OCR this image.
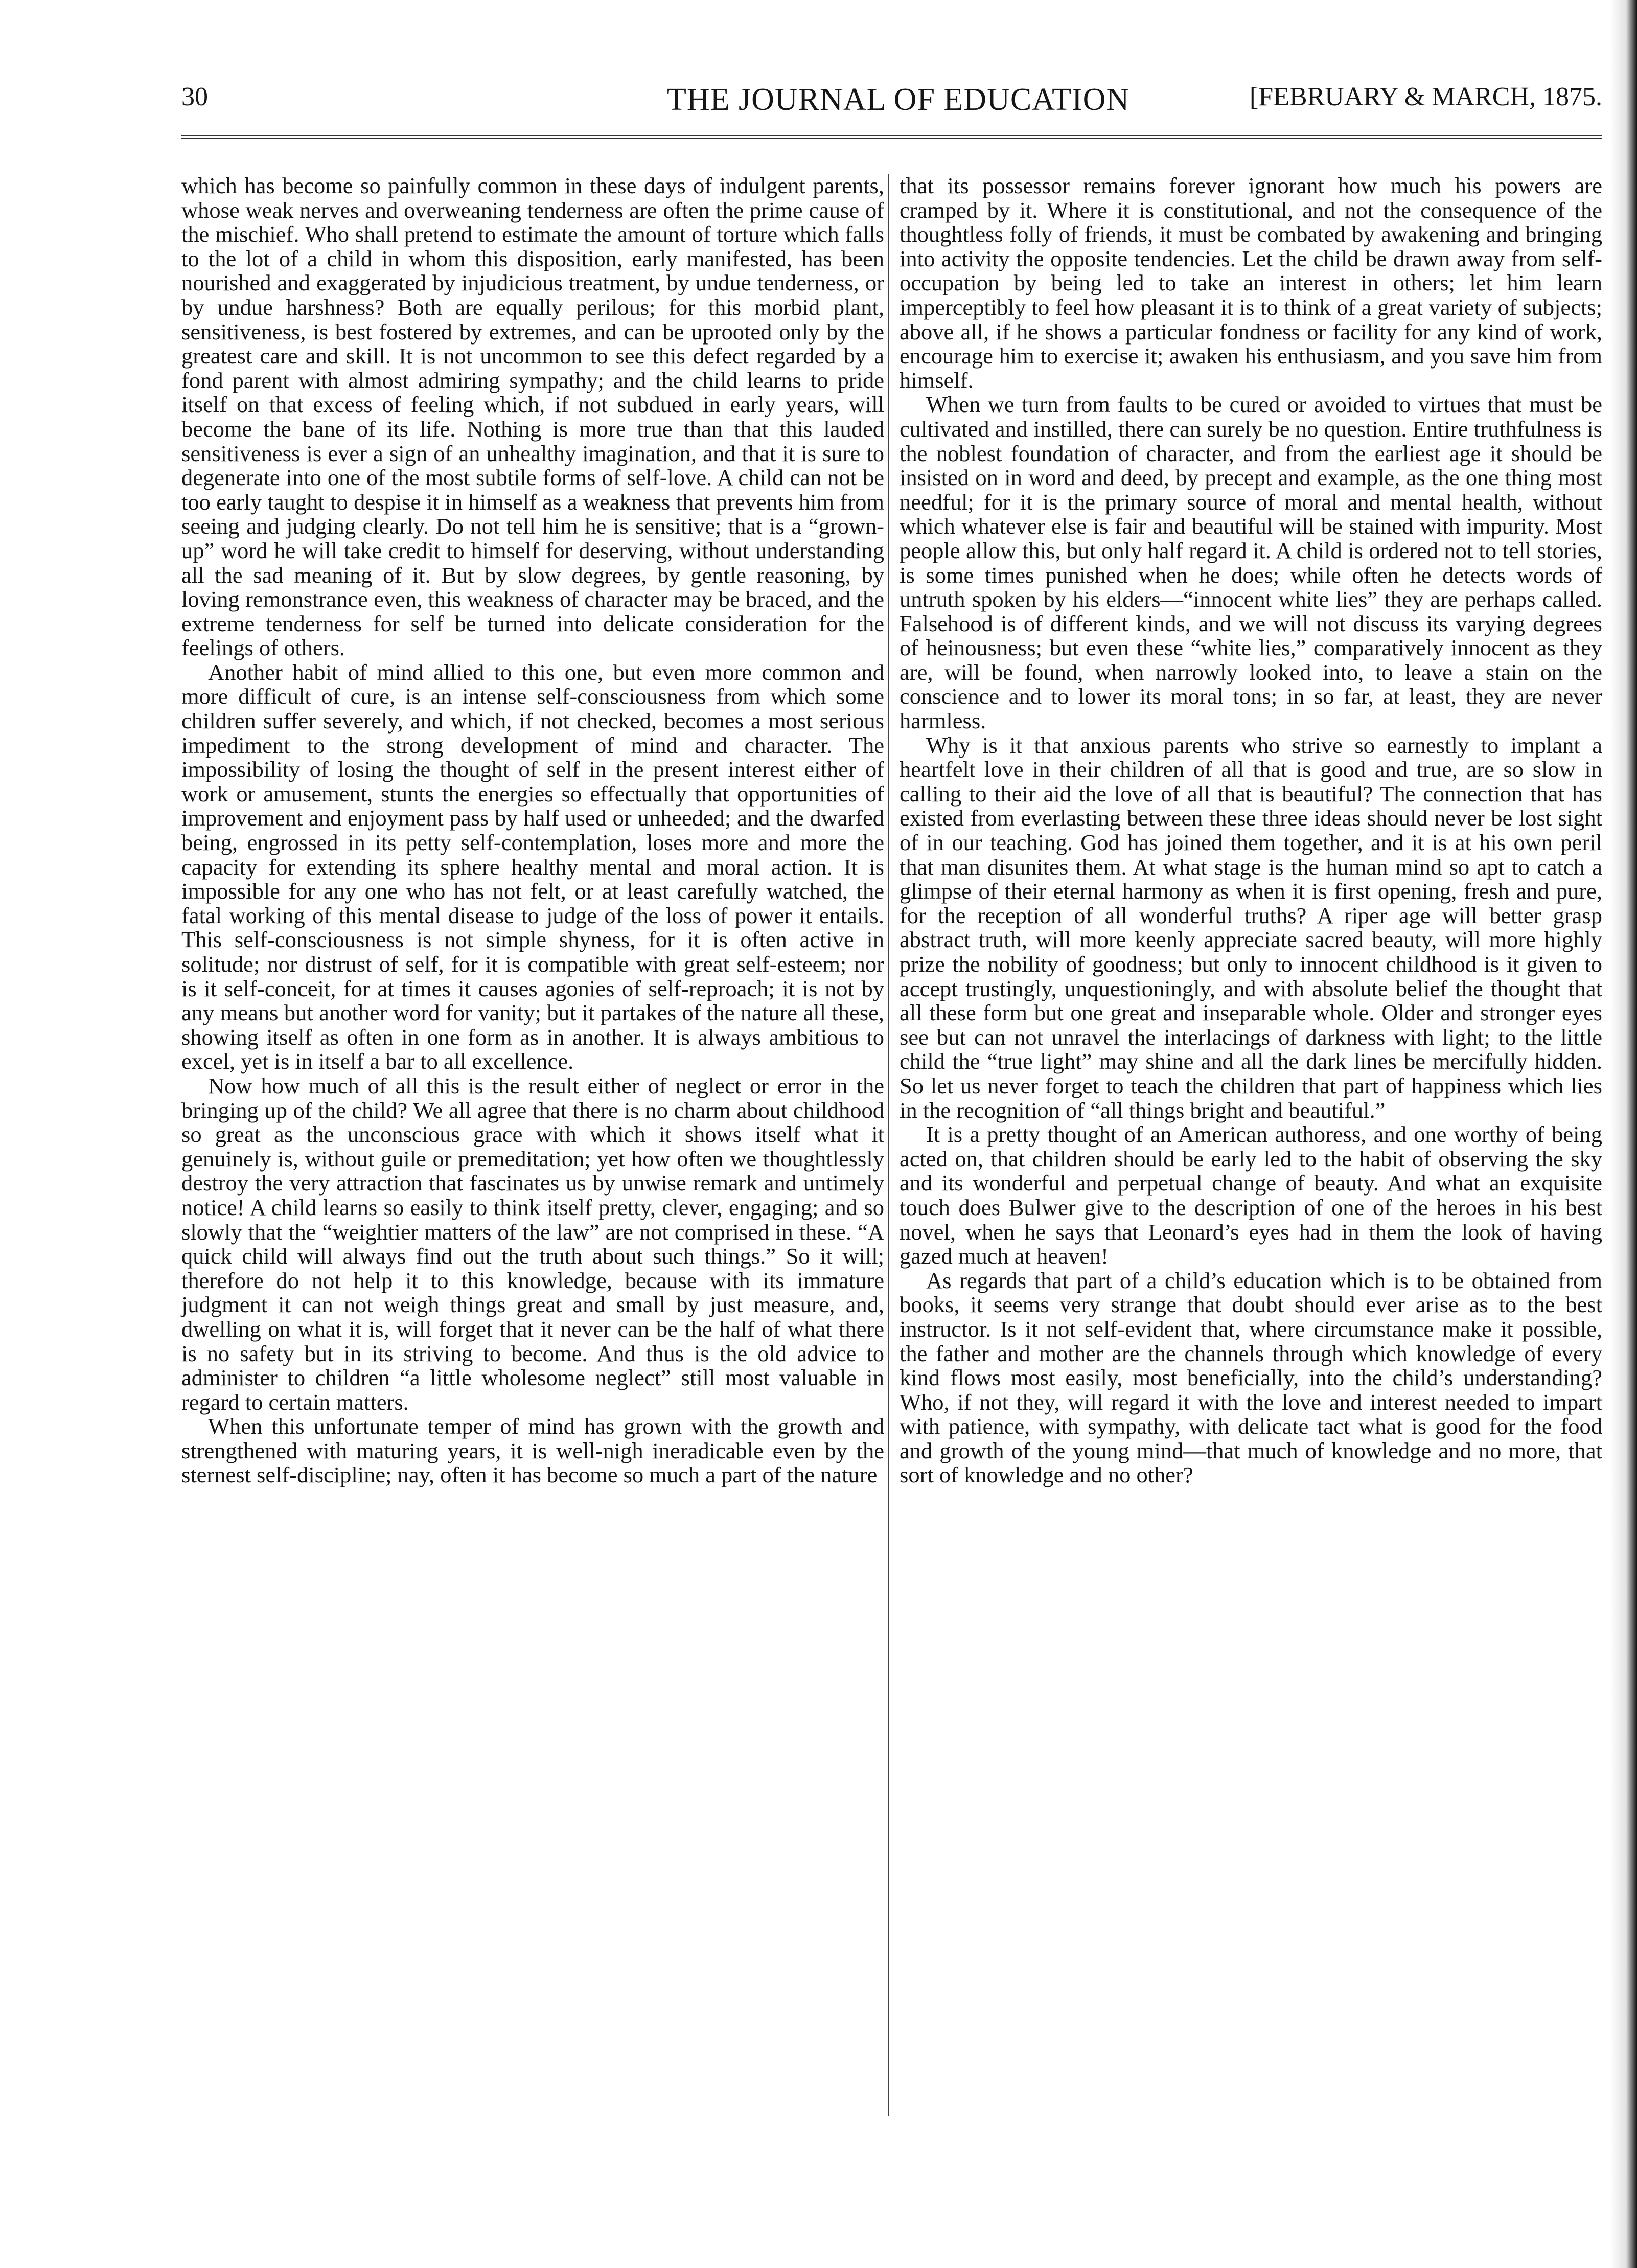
30	THE JOURNAL OF EDUCATION	[FEBRUARY & MARCH, 1875.

which has become so painfully common in these days of indulgent parents, whose weak nerves and overweaning tenderness are often the prime cause of the mischief. Who shall pretend to estimate the amount of torture which falls to the lot of a child in whom this disposition, early manifested, has been nourished and exaggerated by injudicious treatment, by undue tenderness, or by undue harshness? Both are equally perilous; for this morbid plant, sensitiveness, is best fostered by extremes, and can be uprooted only by the greatest care and skill. It is not uncommon to see this defect regarded by a fond parent with almost admiring sympathy; and the child learns to pride itself on that excess of feeling which, if not subdued in early years, will become the bane of its life. Nothing is more true than that this lauded sensitiveness is ever a sign of an unhealthy imagination, and that it is sure to degenerate into one of the most subtile forms of self-love. A child can not be too early taught to despise it in himself as a weakness that prevents him from seeing and judging clearly. Do not tell him he is sensitive; that is a “grown-up” word he will take credit to himself for deserving, without understanding all the sad meaning of it. But by slow degrees, by gentle reasoning, by loving remonstrance even, this weakness of character may be braced, and the extreme tenderness for self be turned into delicate consideration for the feelings of others.

Another habit of mind allied to this one, but even more common and more difficult of cure, is an intense self-consciousness from which some children suffer severely, and which, if not checked, becomes a most serious impediment to the strong development of mind and character. The impossibility of losing the thought of self in the present interest either of work or amusement, stunts the energies so effectually that opportunities of improvement and enjoyment pass by half used or unheeded; and the dwarfed being, engrossed in its petty self-contemplation, loses more and more the capacity for extending its sphere healthy mental and moral action. It is impossible for any one who has not felt, or at least carefully watched, the fatal working of this mental disease to judge of the loss of power it entails. This self-consciousness is not simple shyness, for it is often active in solitude; nor distrust of self, for it is compatible with great self-esteem; nor is it self-conceit, for at times it causes agonies of self-reproach; it is not by any means but another word for vanity; but it partakes of the nature all these, showing itself as often in one form as in another. It is always ambitious to excel, yet is in itself a bar to all excellence.

Now how much of all this is the result either of neglect or error in the bringing up of the child? We all agree that there is no charm about childhood so great as the unconscious grace with which it shows itself what it genuinely is, without guile or premeditation; yet how often we thoughtlessly destroy the very attraction that fascinates us by unwise remark and untimely notice! A child learns so easily to think itself pretty, clever, engaging; and so slowly that the “weightier matters of the law” are not comprised in these. “A quick child will always find out the truth about such things.” So it will; therefore do not help it to this knowledge, because with its immature judgment it can not weigh things great and small by just measure, and, dwelling on what it is, will forget that it never can be the half of what there is no safety but in its striving to become. And thus is the old advice to administer to children “a little wholesome neglect” still most valuable in regard to certain matters.

When this unfortunate temper of mind has grown with the growth and strengthened with maturing years, it is well-nigh ineradicable even by the sternest self-discipline; nay, often it has become so much a part of the nature

that its possessor remains forever ignorant how much his powers are cramped by it. Where it is constitutional, and not the consequence of the thoughtless folly of friends, it must be combated by awakening and bringing into activity the opposite tendencies. Let the child be drawn away from self-occupation by being led to take an interest in others; let him learn imperceptibly to feel how pleasant it is to think of a great variety of subjects; above all, if he shows a particular fondness or facility for any kind of work, encourage him to exercise it; awaken his enthusiasm, and you save him from himself.

When we turn from faults to be cured or avoided to virtues that must be cultivated and instilled, there can surely be no question. Entire truthfulness is the noblest foundation of character, and from the earliest age it should be insisted on in word and deed, by precept and example, as the one thing most needful; for it is the primary source of moral and mental health, without which whatever else is fair and beautiful will be stained with impurity. Most people allow this, but only half regard it. A child is ordered not to tell stories, is some times punished when he does; while often he detects words of untruth spoken by his elders—“innocent white lies” they are perhaps called. Falsehood is of different kinds, and we will not discuss its varying degrees of heinousness; but even these “white lies,” comparatively innocent as they are, will be found, when narrowly looked into, to leave a stain on the conscience and to lower its moral tons; in so far, at least, they are never harmless.

Why is it that anxious parents who strive so earnestly to implant a heartfelt love in their children of all that is good and true, are so slow in calling to their aid the love of all that is beautiful? The connection that has existed from everlasting between these three ideas should never be lost sight of in our teaching. God has joined them together, and it is at his own peril that man disunites them. At what stage is the human mind so apt to catch a glimpse of their eternal harmony as when it is first opening, fresh and pure, for the reception of all wonderful truths? A riper age will better grasp abstract truth, will more keenly appreciate sacred beauty, will more highly prize the nobility of goodness; but only to innocent childhood is it given to accept trustingly, unquestioningly, and with absolute belief the thought that all these form but one great and inseparable whole. Older and stronger eyes see but can not unravel the interlacings of darkness with light; to the little child the “true light” may shine and all the dark lines be mercifully hidden. So let us never forget to teach the children that part of happiness which lies in the recognition of “all things bright and beautiful.”

It is a pretty thought of an American authoress, and one worthy of being acted on, that children should be early led to the habit of observing the sky and its wonderful and perpetual change of beauty. And what an exquisite touch does Bulwer give to the description of one of the heroes in his best novel, when he says that Leonard’s eyes had in them the look of having gazed much at heaven!

As regards that part of a child’s education which is to be obtained from books, it seems very strange that doubt should ever arise as to the best instructor. Is it not self-evident that, where circumstance make it possible, the father and mother are the channels through which knowledge of every kind flows most easily, most beneficially, into the child’s understanding? Who, if not they, will regard it with the love and interest needed to impart with patience, with sympathy, with delicate tact what is good for the food and growth of the young mind—that much of knowledge and no more, that sort of knowledge and no other?
